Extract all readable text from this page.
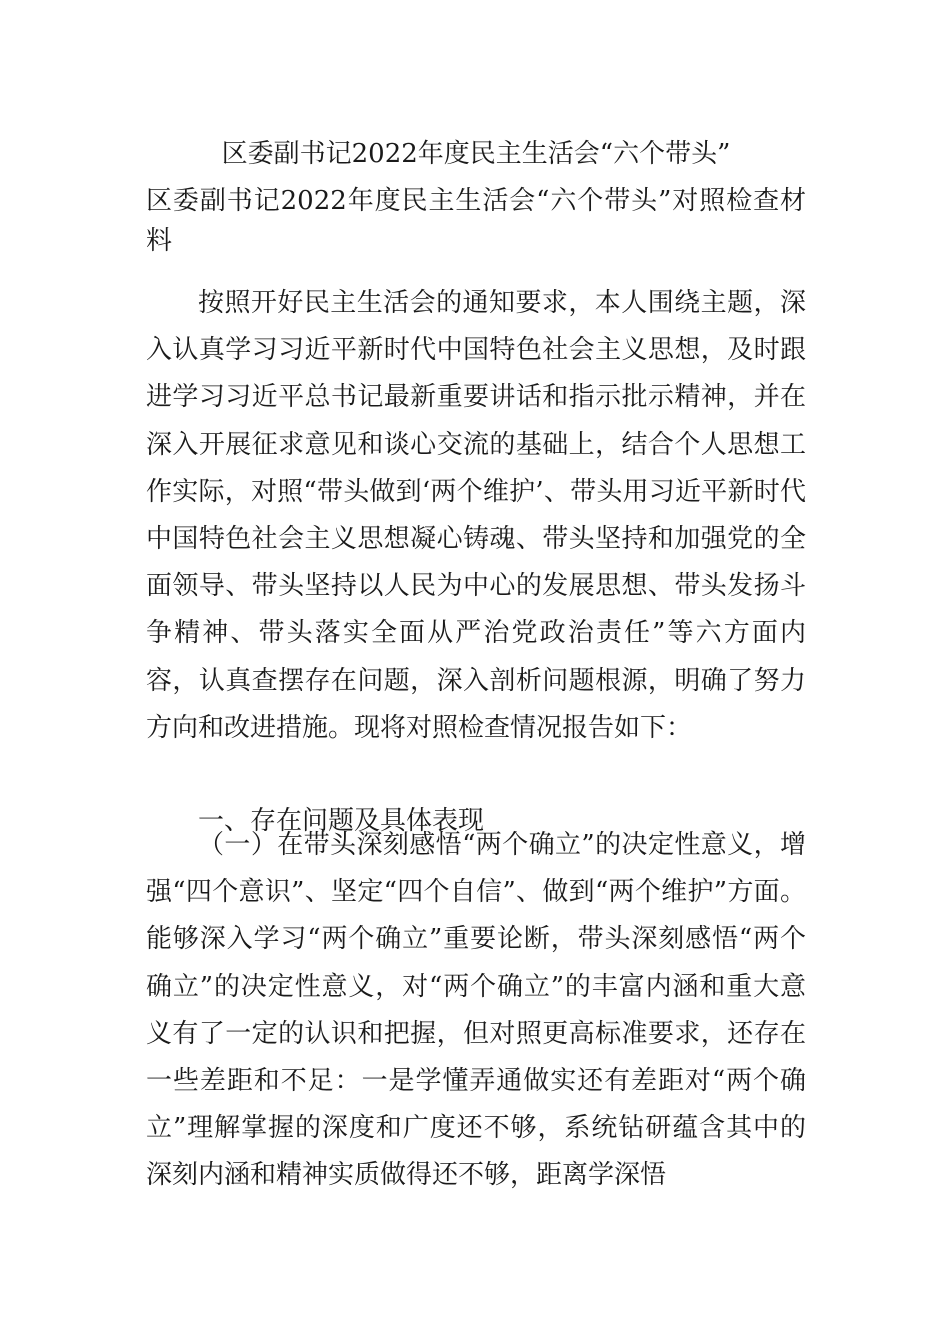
区委副书记2022年度民主生活会“六个带头”
区委副书记2022年度民主生活会“六个带头”对照检查材料

按照开好民主生活会的通知要求，本人围绕主题，深入认真学习习近平新时代中国特色社会主义思想，及时跟进学习习近平总书记最新重要讲话和指示批示精神，并在深入开展征求意见和谈心交流的基础上，结合个人思想工作实际，对照“带头做到‘两个维护’、带头用习近平新时代中国特色社会主义思想凝心铸魂、带头坚持和加强党的全面领导、带头坚持以人民为中心的发展思想、带头发扬斗争精神、带头落实全面从严治党政治责任”等六方面内容，认真查摆存在问题，深入剖析问题根源，明确了努力方向和改进措施。现将对照检查情况报告如下：

一、存在问题及具体表现

（一）在带头深刻感悟“两个确立”的决定性意义，增强“四个意识”、坚定“四个自信”、做到“两个维护”方面。能够深入学习“两个确立”重要论断，带头深刻感悟“两个确立”的决定性意义，对“两个确立”的丰富内涵和重大意义有了一定的认识和把握，但对照更高标准要求，还存在一些差距和不足：一是学懂弄通做实还有差距对“两个确立”理解掌握的深度和广度还不够，系统钻研蕴含其中的深刻内涵和精神实质做得还不够，距离学深悟
